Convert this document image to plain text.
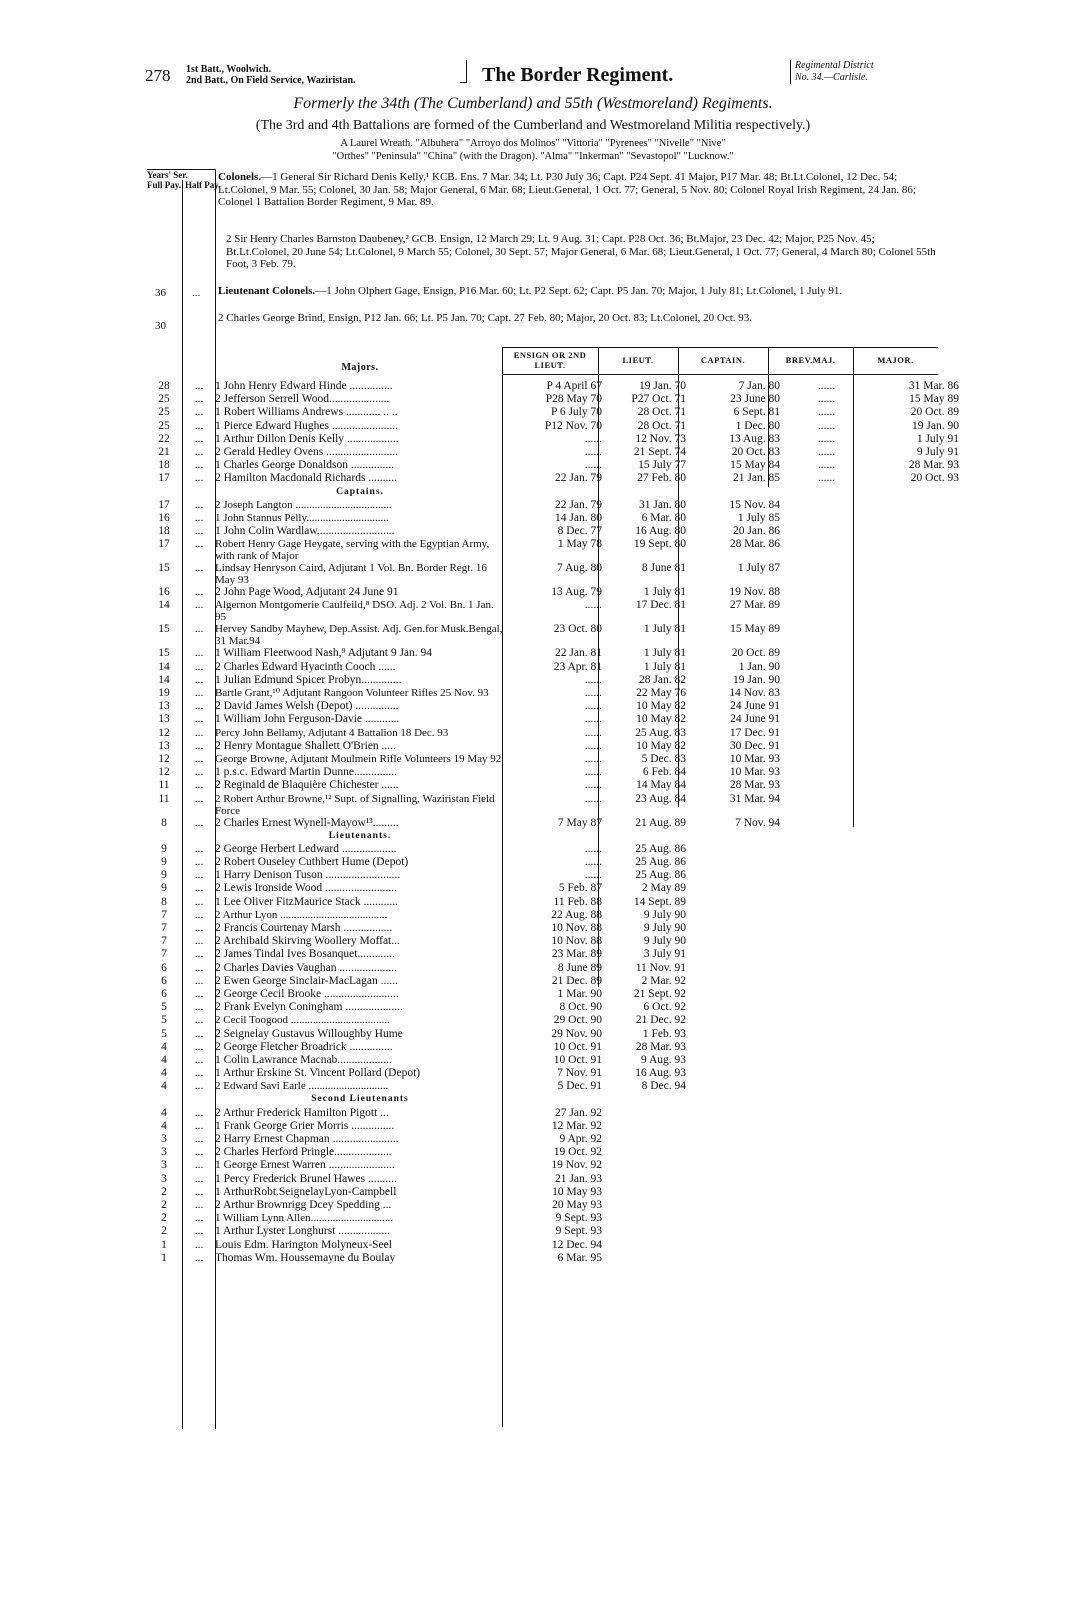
278 1st Batt., Woolwich.
2nd Batt., On Field Service, Waziristan.	The Border Regiment.	Regimental District
No. 34.—Carlisle.
Formerly the 34th (The Cumberland) and 55th (Westmoreland) Regiments.
(The 3rd and 4th Battalions are formed of the Cumberland and Westmoreland Militia respectively.)
A Laurel Wreath. "Albuhera" "Arroyo dos Molinos" "Vittoria" "Pyrenees" "Nivelle" "Nive"
"Orthes" "Peninsula" "China" (with the Dragon). "Alma" "Inkerman" "Sevastopol" "Lucknow."
Years' Ser.
Full Pay. Half Pay.
Colonels.—1 General Sir Richard Denis Kelly,¹ KCB. Ens. 7 Mar. 34; Lt. P30 July 36; Capt. P24 Sept. 41 Major, P17 Mar. 48; Bt.Lt.Colonel, 12 Dec. 54; Lt.Colonel, 9 Mar. 55; Colonel, 30 Jan. 58; Major General, 6 Mar. 68; Lieut.General, 1 Oct. 77; General, 5 Nov. 80; Colonel Royal Irish Regiment, 24 Jan. 86; Colonel 1 Battalion Border Regiment, 9 Mar. 89.
2 Sir Henry Charles Barnston Daubeney,² GCB. Ensign, 12 March 29; Lt. 9 Aug. 31; Capt. P28 Oct. 36; Bt.Major, 23 Dec. 42; Major, P25 Nov. 45; Bt.Lt.Colonel, 20 June 54; Lt.Colonel, 9 March 55; Colonel, 30 Sept. 57; Major General, 6 Mar. 68; Lieut.General, 1 Oct. 77; General, 4 March 80; Colonel 55th Foot, 3 Feb. 79.
36 ... Lieutenant Colonels.—1 John Olphert Gage, Ensign, P16 Mar. 60; Lt. P2 Sept. 62; Capt. P5 Jan. 70; Major, 1 July 81; Lt.Colonel, 1 July 91.
30
2 Charles George Brind, Ensign, P12 Jan. 66; Lt. P5 Jan. 70; Capt. 27 Feb. 80; Major, 20 Oct. 83; Lt.Colonel, 20 Oct. 93.
Majors.
ENSIGN OR 2ND LIEUT.	LIEUT.	CAPTAIN.	BREV.MAJ.	MAJOR.
28	...	1 John Henry Edward Hinde ...............	P 4 April 67	19 Jan. 70	7 Jan. 80	......	31 Mar. 86
25	...	2 Jefferson Serrell Wood.....................	P28 May 70	P27 Oct. 71	23 June 80	......	15 May 89
25	...	1 Robert Williams Andrews ............ .. ..	P 6 July 70	28 Oct. 71	6 Sept. 81	......	20 Oct. 89
25	...	1 Pierce Edward Hughes .......................	P12 Nov. 70	28 Oct. 71	1 Dec. 80	......	19 Jan. 90
22	...	1 Arthur Dillon Denis Kelly ..................	......	12 Nov. 73	13 Aug. 83	......	1 July 91
21	...	2 Gerald Hedley Ovens .........................	......	21 Sept. 74	20 Oct. 83	......	9 July 91
18	...	1 Charles George Donaldson ...............	......	15 July 77	15 May 84	......	28 Mar. 93
17	...	2 Hamilton Macdonald Richards ..........	22 Jan. 79	27 Feb. 80	21 Jan. 85	......	20 Oct. 93
		Captains.					
17	...	2 Joseph Langton ...................................	22 Jan. 79	31 Jan. 80	15 Nov. 84		
16	...	1 John Stannus Pelly..............................	14 Jan. 80	6 Mar. 80	1 July 85		
18	...	1 John Colin Wardlaw...........................	8 Dec. 77	16 Aug. 80	20 Jan. 86		
17	...	Robert Henry Gage Heygate, serving with the Egyptian Army, with rank of Major	1 May 78	19 Sept. 80	28 Mar. 86		
15	...	Lindsay Henryson Caird, Adjutant 1 Vol. Bn. Border Regt. 16 May 93	7 Aug. 80	8 June 81	1 July 87		
16	...	2 John Page Wood, Adjutant 24 June 91	13 Aug. 79	1 July 81	19 Nov. 88		
14	...	Algernon Montgomerie Caulfeild,⁸ DSO. Adj. 2 Vol. Bn. 1 Jan. 95	......	17 Dec. 81	27 Mar. 89		
15	...	Hervey Sandby Mayhew, Dep.Assist. Adj. Gen.for Musk.Bengal, 31 Mar.94	23 Oct. 80	1 July 81	15 May 89		
15	...	1 William Fleetwood Nash,⁹ Adjutant 9 Jan. 94	22 Jan. 81	1 July 81	20 Oct. 89		
14	...	2 Charles Edward Hyacinth Cooch ......	23 Apr. 81	1 July 81	1 Jan. 90		
14	...	1 Julian Edmund Spicer Probyn..............	......	28 Jan. 82	19 Jan. 90		
19	...	Bartle Grant,¹⁰ Adjutant Rangoon Volunteer Rifles 25 Nov. 93	......	22 May 76	14 Nov. 83		
13	...	2 David James Welsh (Depot) ...............	......	10 May 82	24 June 91		
13	...	1 William John Ferguson-Davie ............	......	10 May 82	24 June 91		
12	...	Percy John Bellamy, Adjutant 4 Battalion 18 Dec. 93	......	25 Aug. 83	17 Dec. 91		
13	...	2 Henry Montague Shallett O'Brien .....	......	10 May 82	30 Dec. 91		
12	...	George Browne, Adjutant Moulmein Rifle Volunteers 19 May 92	......	5 Dec. 83	10 Mar. 93		
12	...	1 p.s.c. Edward Martin Dunne...............	......	6 Feb. 84	10 Mar. 93		
11	...	2 Reginald de Blaquière Chichester ......	......	14 May 84	28 Mar. 93		
11	...	2 Robert Arthur Browne,¹² Supt. of Signalling, Waziristan Field Force	......	23 Aug. 84	31 Mar. 94		
8	...	2 Charles Ernest Wynell-Mayow¹³.........	7 May 87	21 Aug. 89	7 Nov. 94		
		Lieutenants.					
9	...	2 George Herbert Ledward ...................	......	25 Aug. 86			
9	...	2 Robert Ouseley Cuthbert Hume (Depot)	......	25 Aug. 86			
9	...	1 Harry Denison Tuson ..........................	......	25 Aug. 86			
9	...	2 Lewis Ironside Wood .........................	5 Feb. 87	2 May 89			
8	...	1 Lee Oliver FitzMaurice Stack ............	11 Feb. 88	14 Sept. 89			
7	...	2 Arthur Lyon .......................................	22 Aug. 88	9 July 90			
7	...	2 Francis Courtenay Marsh .................	10 Nov. 88	9 July 90			
7	...	2 Archibald Skirving Woollery Moffat...	10 Nov. 88	9 July 90			
7	...	2 James Tindal Ives Bosanquet.............	23 Mar. 89	3 July 91			
6	...	2 Charles Davies Vaughan ....................	8 June 89	11 Nov. 91			
6	...	2 Ewen George Sinclair-MacLagan ......	21 Dec. 89	2 Mar. 92			
6	...	2 George Cecil Brooke ..........................	1 Mar. 90	21 Sept. 92			
5	...	2 Frank Evelyn Coningham ....................	8 Oct. 90	6 Oct. 92			
5	...	2 Cecil Toogood ....................................	29 Oct. 90	21 Dec. 92			
5	...	2 Seignelay Gustavus Willoughby Hume	29 Nov. 90	1 Feb. 93			
4	...	2 George Fletcher Broadrick ...............	10 Oct. 91	28 Mar. 93			
4	...	1 Colin Lawrance Macnab...................	10 Oct. 91	9 Aug. 93			
4	...	1 Arthur Erskine St. Vincent Pollard (Depot)	7 Nov. 91	16 Aug. 93			
4	...	2 Edward Savi Earle .............................	5 Dec. 91	8 Dec. 94			
		Second Lieutenants					
4	...	2 Arthur Frederick Hamilton Pigott ...	27 Jan. 92				
4	...	1 Frank George Grier Morris ...............	12 Mar. 92				
3	...	2 Harry Ernest Chapman .......................	9 Apr. 92				
3	...	2 Charles Herford Pringle....................	19 Oct. 92				
3	...	1 George Ernest Warren .......................	19 Nov. 92				
3	...	1 Percy Frederick Brunel Hawes ..........	21 Jan. 93				
2	...	1 ArthurRobt.SeignelayLyon-Campbell	10 May 93				
2	...	2 Arthur Brownrigg Dcey Spedding ...	20 May 93				
2	...	1 William Lynn Allen..............................	9 Sept. 93				
2	...	1 Arthur Lyster Longhurst ..................	9 Sept. 93				
1	...	Louis Edm. Harington Molyneux-Seel	12 Dec. 94				
1	...	Thomas Wm. Houssemayne du Boulay	6 Mar. 95				
